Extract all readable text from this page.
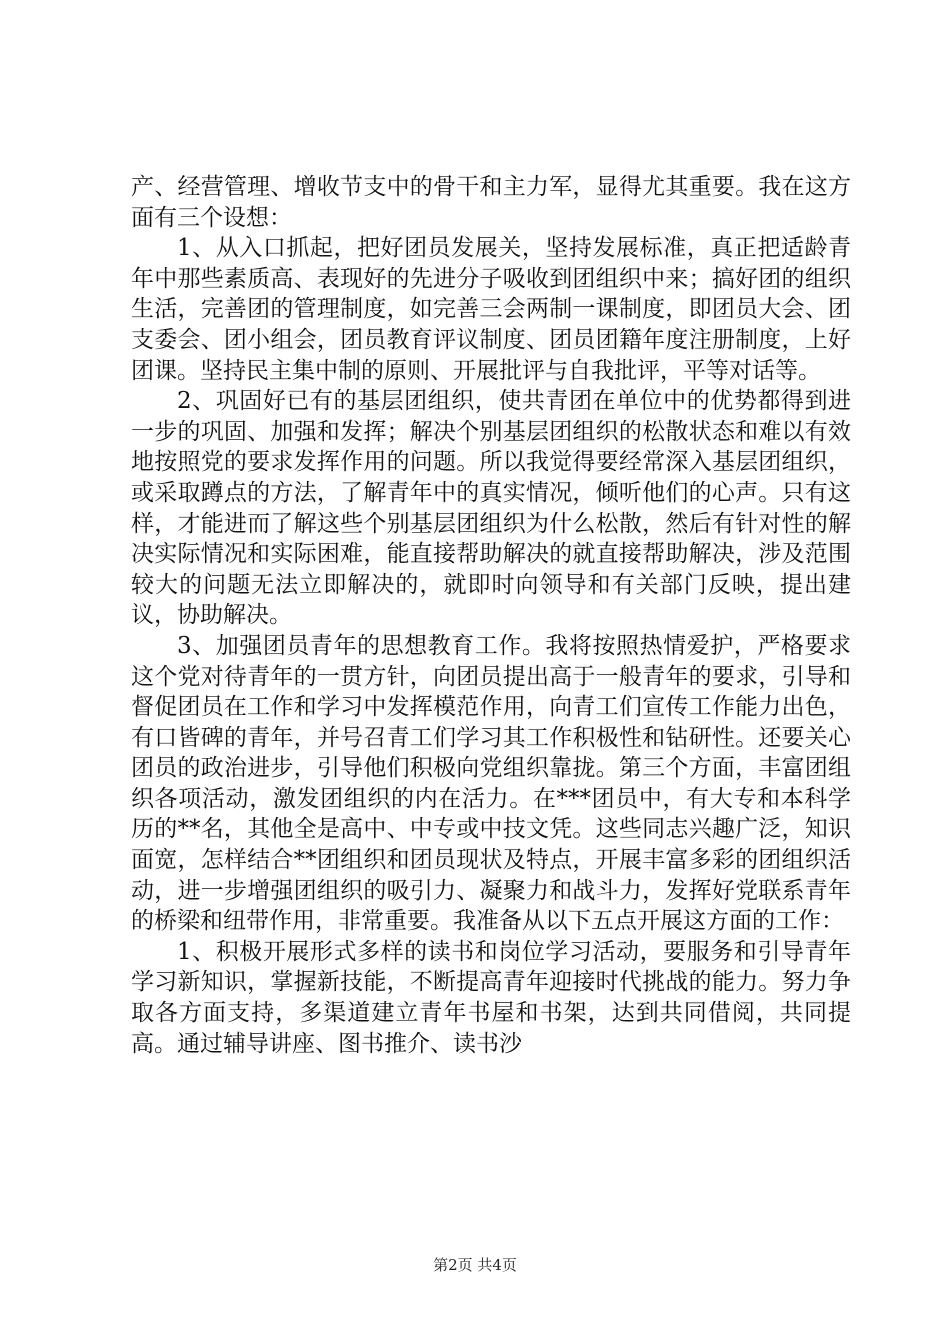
产、经营管理、增收节支中的骨干和主力军，显得尤其重要。我在这方面有三个设想：

1、从入口抓起，把好团员发展关，坚持发展标准，真正把适龄青年中那些素质高、表现好的先进分子吸收到团组织中来；搞好团的组织生活，完善团的管理制度，如完善三会两制一课制度，即团员大会、团支委会、团小组会，团员教育评议制度、团员团籍年度注册制度，上好团课。坚持民主集中制的原则、开展批评与自我批评，平等对话等。

2、巩固好已有的基层团组织，使共青团在单位中的优势都得到进一步的巩固、加强和发挥；解决个别基层团组织的松散状态和难以有效地按照党的要求发挥作用的问题。所以我觉得要经常深入基层团组织，或采取蹲点的方法，了解青年中的真实情况，倾听他们的心声。只有这样，才能进而了解这些个别基层团组织为什么松散，然后有针对性的解决实际情况和实际困难，能直接帮助解决的就直接帮助解决，涉及范围较大的问题无法立即解决的，就即时向领导和有关部门反映，提出建议，协助解决。

3、加强团员青年的思想教育工作。我将按照热情爱护，严格要求这个党对待青年的一贯方针，向团员提出高于一般青年的要求，引导和督促团员在工作和学习中发挥模范作用，向青工们宣传工作能力出色，有口皆碑的青年，并号召青工们学习其工作积极性和钻研性。还要关心团员的政治进步，引导他们积极向党组织靠拢。第三个方面，丰富团组织各项活动，激发团组织的内在活力。在***团员中，有大专和本科学历的**名，其他全是高中、中专或中技文凭。这些同志兴趣广泛，知识面宽，怎样结合**团组织和团员现状及特点，开展丰富多彩的团组织活动，进一步增强团组织的吸引力、凝聚力和战斗力，发挥好党联系青年的桥梁和纽带作用，非常重要。我准备从以下五点开展这方面的工作：

1、积极开展形式多样的读书和岗位学习活动，要服务和引导青年学习新知识，掌握新技能，不断提高青年迎接时代挑战的能力。努力争取各方面支持，多渠道建立青年书屋和书架，达到共同借阅，共同提高。通过辅导讲座、图书推介、读书沙

第2页 共4页
